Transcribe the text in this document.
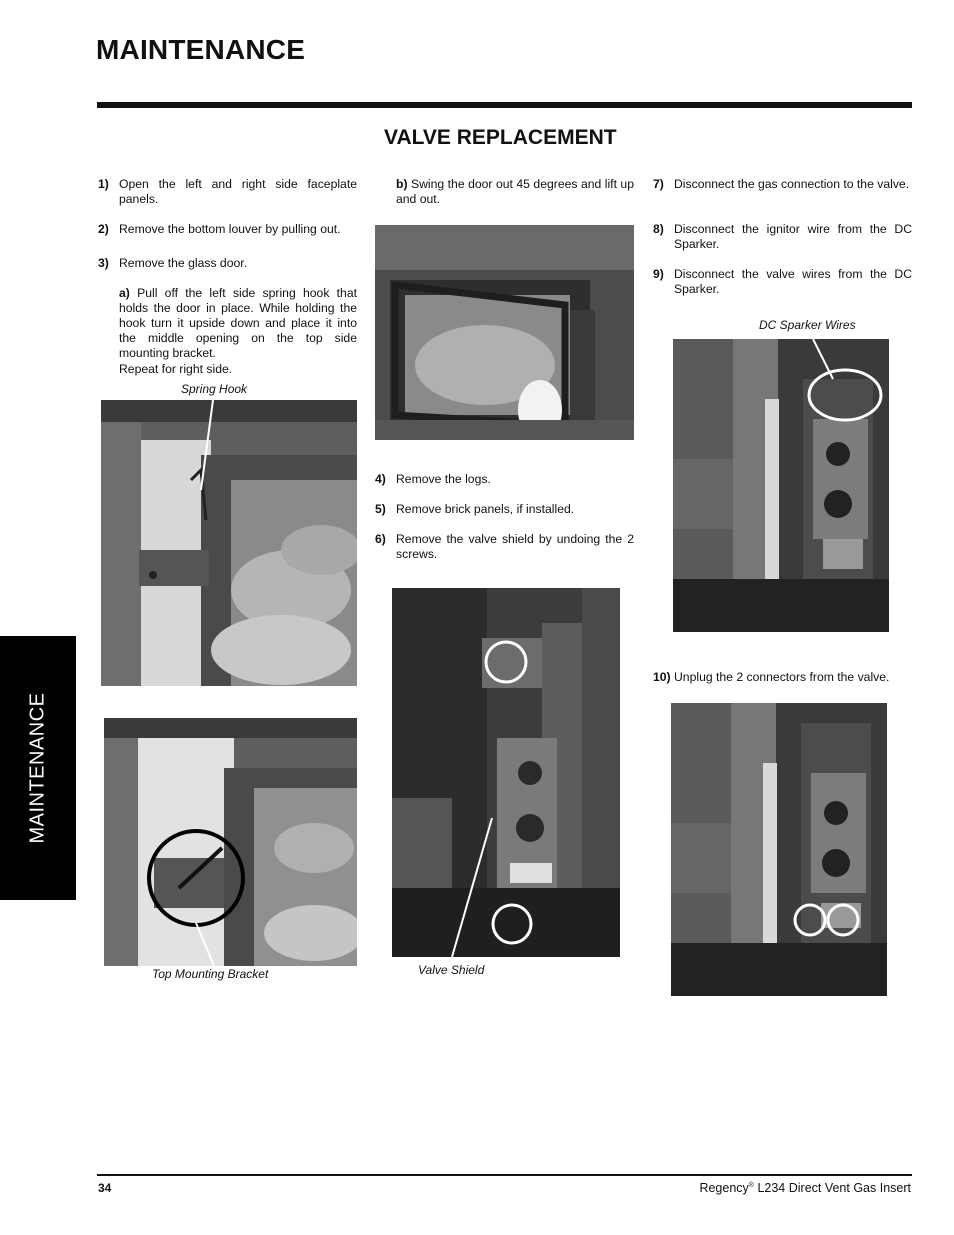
MAINTENANCE
VALVE REPLACEMENT
1) Open the left and right side faceplate panels.
2) Remove the bottom louver by pulling out.
3) Remove the glass door.
a) Pull off the left side spring hook that holds the door in place. While holding the hook turn it upside down and place it into the middle opening on the top side mounting bracket.
Repeat for right side.
Spring Hook
Top Mounting Bracket
b) Swing the door out 45 degrees and lift up and out.
4) Remove the logs.
5) Remove brick panels, if installed.
6) Remove the valve shield by undoing the 2 screws.
Valve Shield
7) Disconnect the gas connection to the valve.
8) Disconnect the ignitor wire from the DC Sparker.
9) Disconnect the valve wires from the DC Sparker.
DC Sparker Wires
10) Unplug the 2 connectors from the valve.
MAINTENANCE
34	Regency® L234 Direct Vent Gas Insert
